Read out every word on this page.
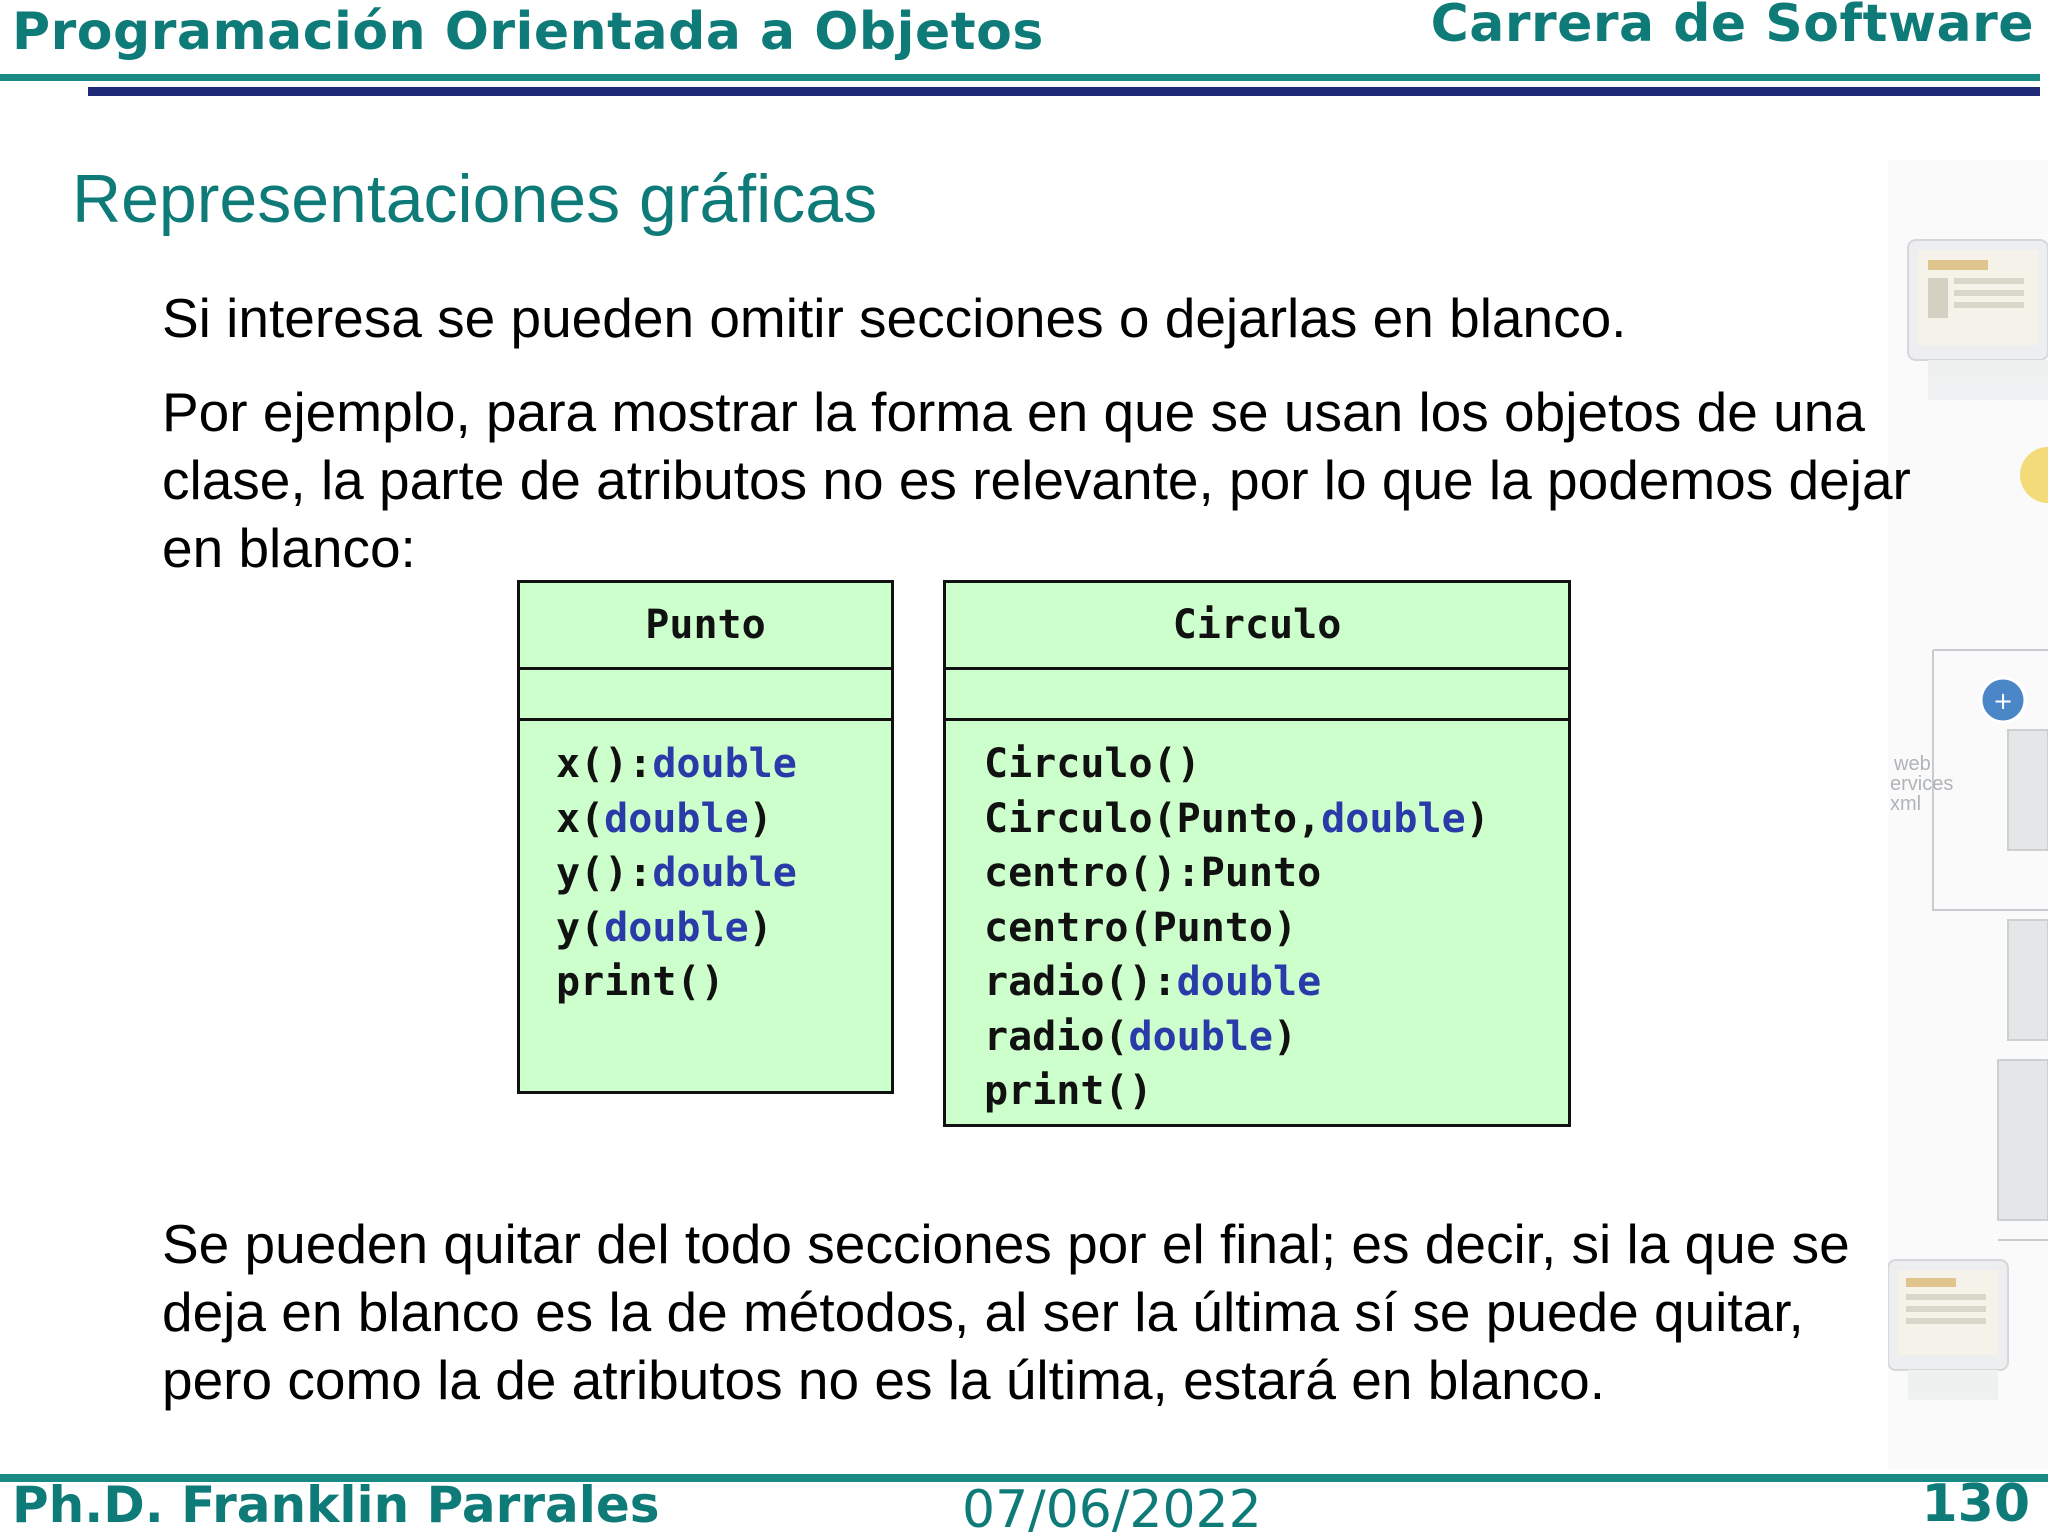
Programación Orientada a Objetos	Carrera de Software
+
web ervices xml
Representaciones gráficas

Si interesa se pueden omitir secciones o dejarlas en blanco.

Por ejemplo, para mostrar la forma en que se usan los objetos de una clase, la parte de atributos no es relevante, por lo que la podemos dejar en blanco:

Punto
x():double
x(double)
y():double
y(double)
print()
Circulo
Circulo()
Circulo(Punto,double)
centro():Punto
centro(Punto)
radio():double
radio(double)
print()

Se pueden quitar del todo secciones por el final; es decir, si la que se deja en blanco es la de métodos, al ser la última sí se puede quitar, pero como la de atributos no es la última, estará en blanco.

Ph.D. Franklin Parrales	07/06/2022	130
